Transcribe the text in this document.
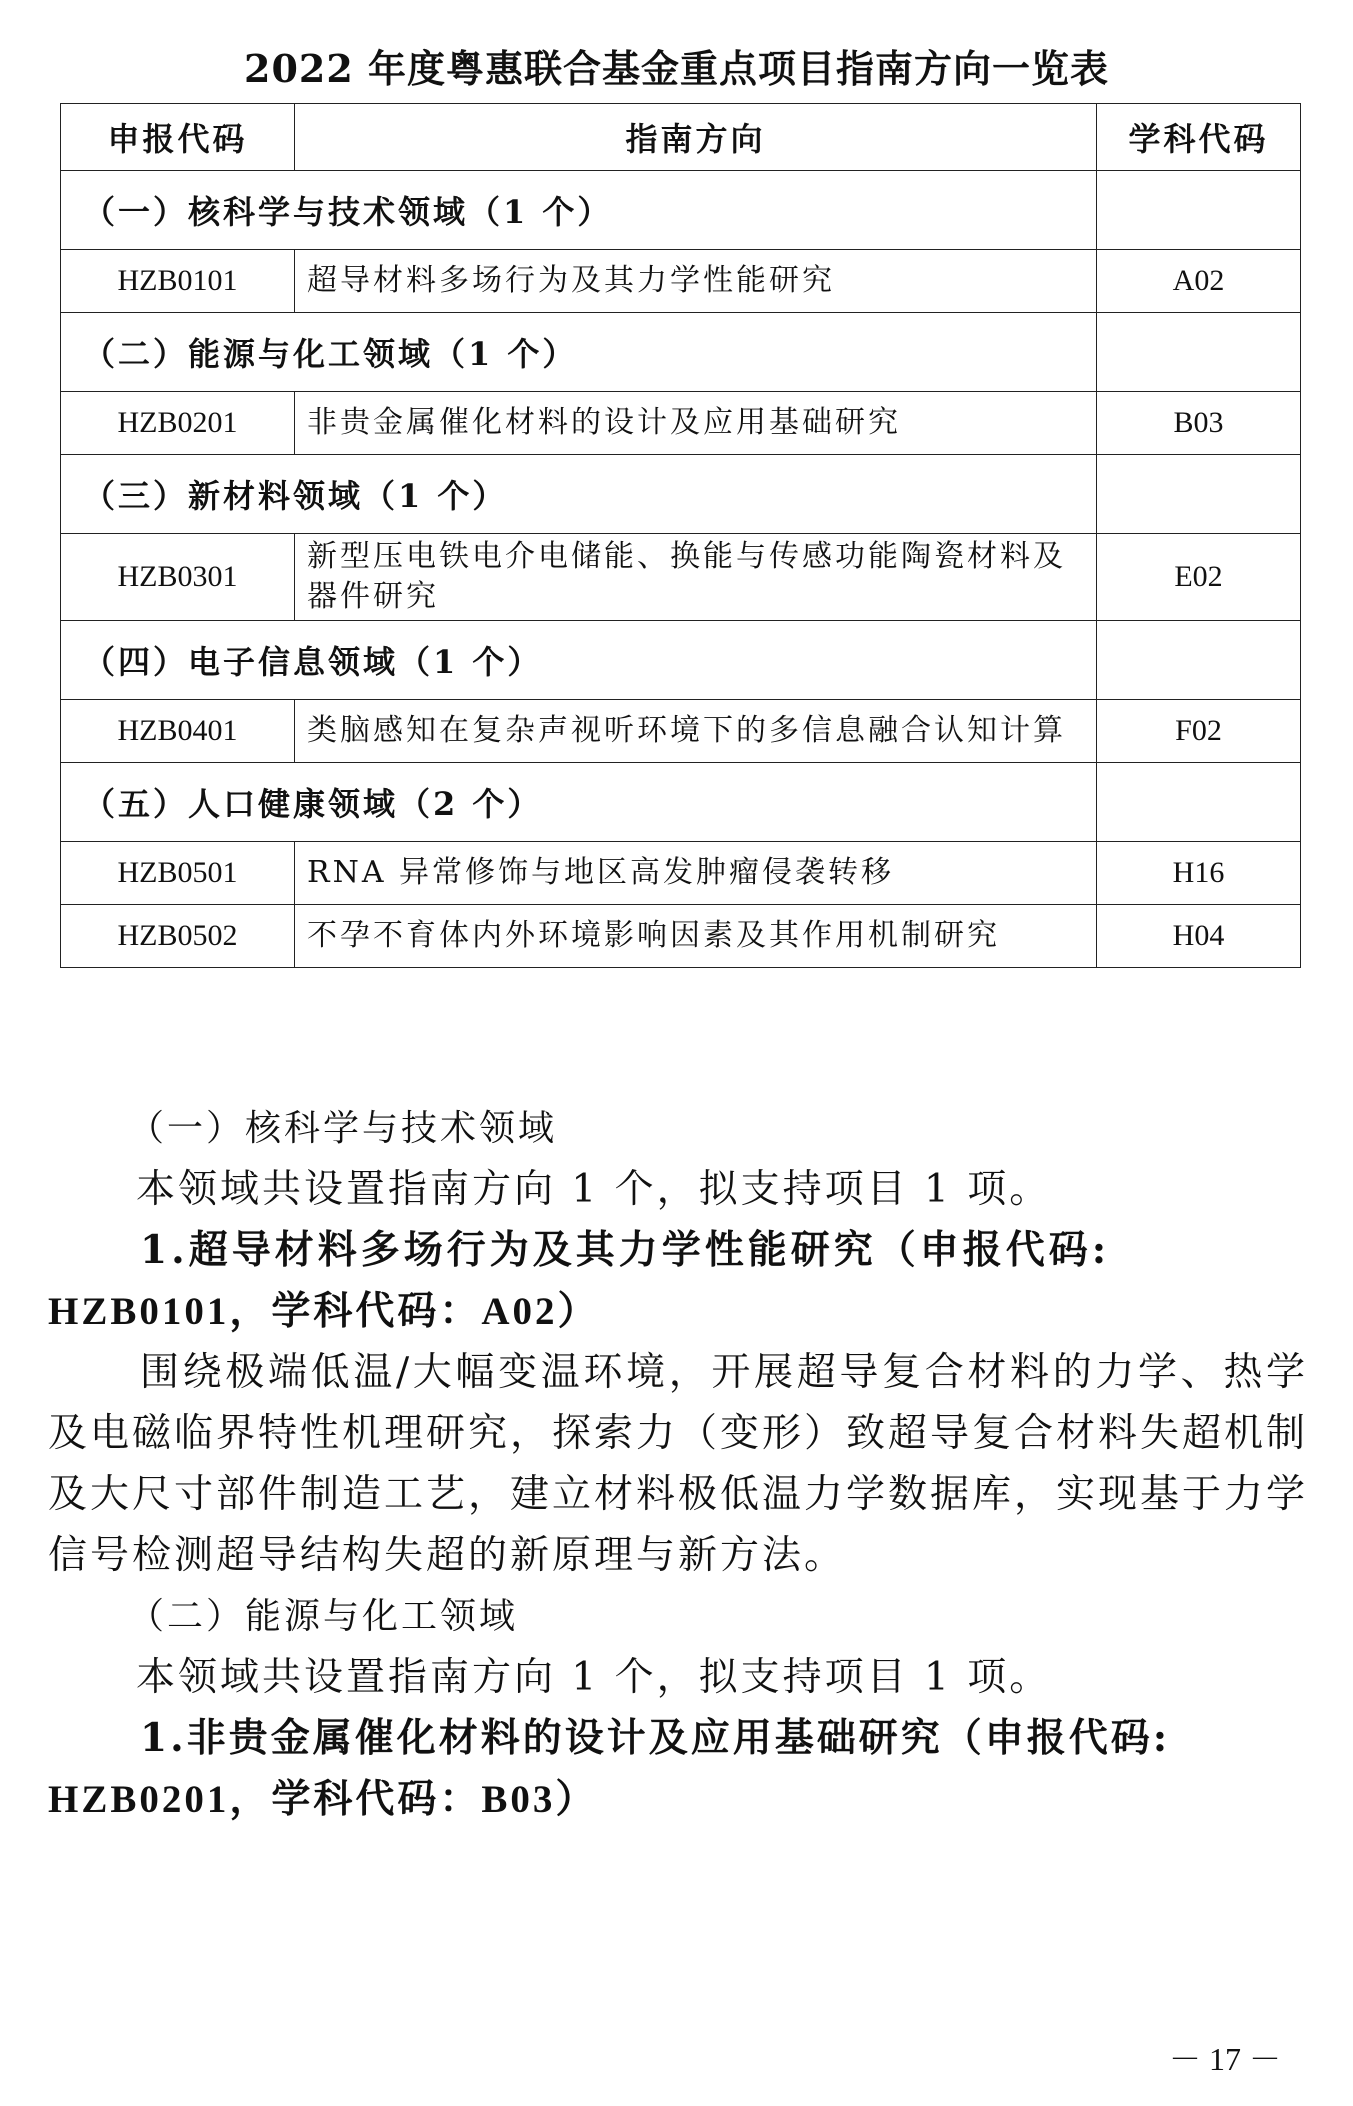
2022 年度粤惠联合基金重点项目指南方向一览表
申报代码	指南方向	学科代码
（一）核科学与技术领域（1 个）		
HZB0101	超导材料多场行为及其力学性能研究	A02
（二）能源与化工领域（1 个）		
HZB0201	非贵金属催化材料的设计及应用基础研究	B03
（三）新材料领域（1 个）		
HZB0301	新型压电铁电介电储能、换能与传感功能陶瓷材料及器件研究	E02
（四）电子信息领域（1 个）		
HZB0401	类脑感知在复杂声视听环境下的多信息融合认知计算	F02
（五）人口健康领域（2 个）		
HZB0501	RNA 异常修饰与地区高发肿瘤侵袭转移	H16
HZB0502	不孕不育体内外环境影响因素及其作用机制研究	H04

（一）核科学与技术领域

本领域共设置指南方向 1 个，拟支持项目 1 项。

1.超导材料多场行为及其力学性能研究（申报代码:

HZB0101，学科代码：A02）

围绕极端低温/大幅变温环境，开展超导复合材料的力学、热学及电磁临界特性机理研究，探索力（变形）致超导复合材料失超机制及大尺寸部件制造工艺，建立材料极低温力学数据库，实现基于力学信号检测超导结构失超的新原理与新方法。

（二）能源与化工领域

本领域共设置指南方向 1 个，拟支持项目 1 项。

1.非贵金属催化材料的设计及应用基础研究（申报代码:

HZB0201，学科代码：B03）

－ 17 －
